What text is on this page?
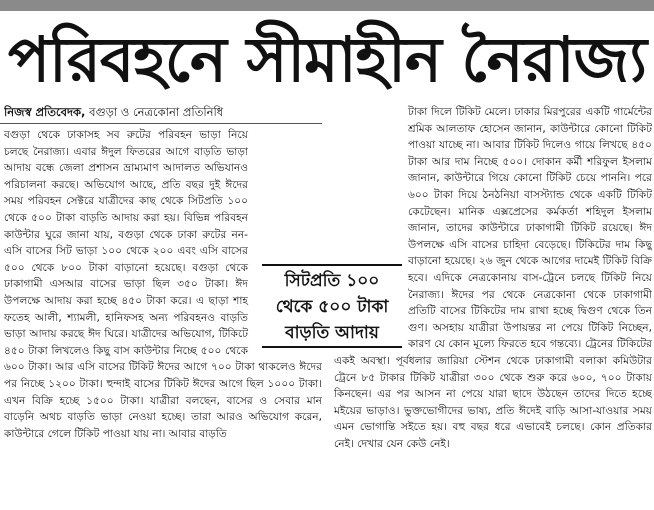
পরিবহনে সীমাহীন নৈরাজ্য
নিজস্ব প্রতিবেদক, বগুড়া ও নেত্রকোনা প্রতিনিধি

বগুড়া থেকে ঢাকাসহ সব রুটের পরিবহন ভাড়া নিয়ে চলছে নৈরাজ্য। এবার ঈদুল ফিতরের আগে বাড়তি ভাড়া আদায় বন্ধে জেলা প্রশাসন ভ্রাম্যমাণ আদালত অভিযানও পরিচালনা করছে। অভিযোগ আছে, প্রতি বছর দুই ঈদের সময় পরিবহন সেক্টরে যাত্রীদের কাছ থেকে সিটপ্রতি ১০০ থেকে ৫০০ টাকা বাড়তি আদায় করা হয়। বিভিন্ন পরিবহন কাউন্টার ঘুরে জানা যায়, বগুড়া থেকে ঢাকা রুটের নন-এসি বাসের সিট ভাড়া ১০০ থেকে ২০০ এবং এসি বাসের ৫০০ থেকে ৮০০ টাকা বাড়ানো হয়েছে। বগুড়া থেকে ঢাকাগামী এসআর বাসের ভাড়া ছিল ৩৫০ টাকা। ঈদ উপলক্ষে আদায় করা হচ্ছে ৪৫০ টাকা করে। এ ছাড়া শাহ ফতেহ আলী, শ্যামলী, হানিফসহ অন্য পরিবহনও বাড়তি ভাড়া আদায় করছে ঈদ ঘিরে। যাত্রীদের অভিযোগ, টিকিটে ৪৫০ টাকা লিখলেও কিছু বাস কাউন্টার নিচ্ছে ৫০০ থেকে ৬০০ টাকা। আর এসি বাসের টিকিট ঈদের আগে ৭০০ টাকা থাকলেও ঈদের পর নিচ্ছে ১২০০ টাকা। হুন্দাই বাসের টিকিট ঈদের আগে ছিল ১০০০ টাকা। এখন বিক্রি হচ্ছে ১৫০০ টাকা। যাত্রীরা বলছেন, বাসের ও সেবার মান বাড়েনি অথচ বাড়তি ভাড়া নেওয়া হচ্ছে। তারা আরও অভিযোগ করেন, কাউন্টারে গেলে টিকিট পাওয়া যায় না। আবার বাড়তি

টাকা দিলে টিকিট মেলে। ঢাকার মিরপুরের একটি গার্মেন্টের শ্রমিক আলতাফ হোসেন জানান, কাউন্টারে কোনো টিকিট পাওয়া যাচ্ছে না। আবার টিকিট দিলেও গায়ে লিখছে ৪৫০ টাকা আর দাম নিচ্ছে ৫০০। দোকান কর্মী শরিফুল ইসলাম জানান, কাউন্টারে গিয়ে কোনো টিকিট চেয়ে পাননি। পরে ৬০০ টাকা দিয়ে ঠনঠনিয়া বাসস্ট্যান্ড থেকে একটি টিকিট কেটেছেন। মানিক এক্সপ্রেসের কর্মকর্তা শহিদুল ইসলাম জানান, তাদের কাউন্টারে ঢাকাগামী টিকিট রয়েছে। ঈদ উপলক্ষে এসি বাসের চাহিদা বেড়েছে। টিকিটের দাম কিছু বাড়ানো হয়েছে। ২৬ জুন থেকে আগের দামেই টিকিট বিক্রি হবে। এদিকে নেত্রকোনায় বাস-ট্রেনে চলছে টিকিট নিয়ে নৈরাজ্য। ঈদের পর থেকে নেত্রকোনা থেকে ঢাকাগামী প্রতিটি বাসের টিকিটের দাম রাখা হচ্ছে দ্বিগুণ থেকে তিন গুণ। অসহায় যাত্রীরা উপায়ন্তর না পেয়ে টিকিট নিচ্ছেন, কারণ যে কোন মূল্যে ফিরতে হবে গন্তব্যে। ট্রেনের টিকিটের একই অবস্থা। পূর্বধলার জারিয়া স্টেশন থেকে ঢাকাগামী বলাকা কমিউটার ট্রেনে ৮৫ টাকার টিকিট যাত্রীরা ৩০০ থেকে শুরু করে ৬০০, ৭০০ টাকায় কিনছেন। এর পর আসন না পেয়ে যারা ছাদে উঠছেন তাদের দিতে হচ্ছে মইয়ের ভাড়াও। ভুক্তভোগীদের ভাষ্য, প্রতি ঈদেই বাড়ি আসা-যাওয়ার সময় এমন ভোগান্তি সইতে হয়। বহু বছর ধরে এভাবেই চলছে। কোন প্রতিকার নেই। দেখার যেন কেউ নেই।

সিটপ্রতি ১০০
থেকে ৫০০ টাকা
বাড়তি আদায়
